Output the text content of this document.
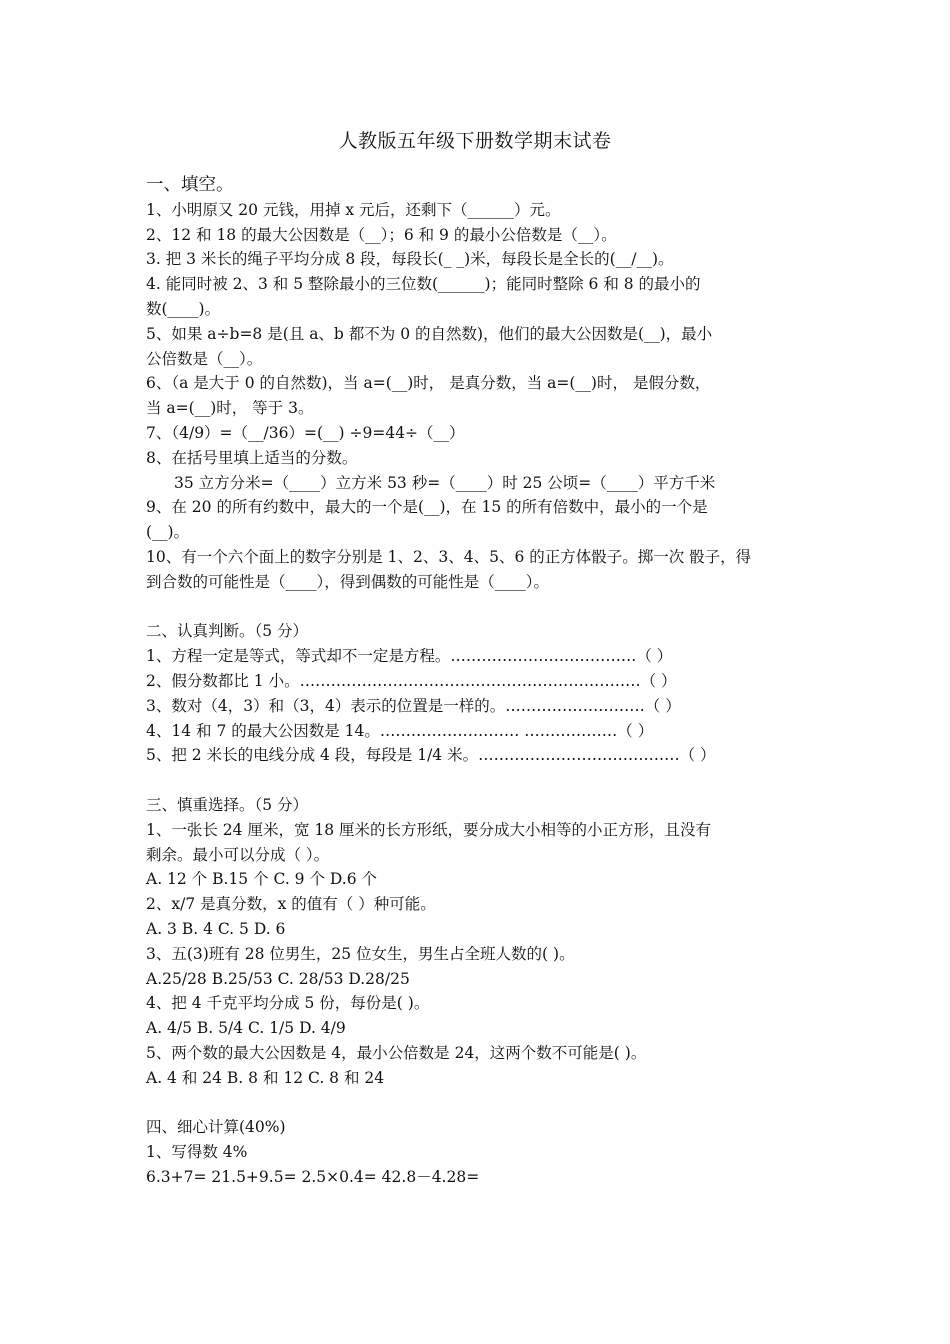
人教版五年级下册数学期末试卷
一、填空。
1、小明原又 20 元钱，用掉 x 元后，还剩下（______）元。
2、12 和 18 的最大公因数是（__）；6 和 9 的最小公倍数是（__）。
3. 把 3 米长的绳子平均分成 8 段，每段长(_ _)米，每段长是全长的(__/__)。
4. 能同时被 2、3 和 5 整除最小的三位数(______)；能同时整除 6 和 8 的最小的
数(____)。
5、如果 a÷b=8 是(且 a、b 都不为 0 的自然数)，他们的最大公因数是(__)，最小
公倍数是（__）。
6、（a 是大于 0 的自然数)，当 a=(__)时， 是真分数，当 a=(__)时， 是假分数，
当 a=(__)时， 等于 3。
7、（4/9）=（__/36）=(__) ÷9=44÷（__）
8、在括号里填上适当的分数。
35 立方分米=（____）立方米 53 秒=（____）时 25 公顷=（____）平方千米
9、在 20 的所有约数中，最大的一个是(__)，在 15 的所有倍数中，最小的一个是
(__)。
10、有一个六个面上的数字分别是 1、2、3、4、5、6 的正方体骰子。掷一次 骰子，得
到合数的可能性是（____），得到偶数的可能性是（____）。
二、认真判断。（5 分）
1、方程一定是等式，等式却不一定是方程。………………………………（ ）
2、假分数都比 1 小。…………………………………………………………（ ）
3、数对（4，3）和（3，4）表示的位置是一样的。………………………（ ）
4、14 和 7 的最大公因数是 14。……………………… ………………（ ）
5、把 2 米长的电线分成 4 段，每段是 1/4 米。…………………………………（ ）
三、慎重选择。（5 分）
1、一张长 24 厘米，宽 18 厘米的长方形纸，要分成大小相等的小正方形，且没有
剩余。最小可以分成（ ）。
A. 12 个 B.15 个 C. 9 个 D.6 个
2、x/7 是真分数，x 的值有（ ）种可能。
A. 3 B. 4 C. 5 D. 6
3、五(3)班有 28 位男生，25 位女生，男生占全班人数的( )。
A.25/28 B.25/53 C. 28/53 D.28/25
4、把 4 千克平均分成 5 份，每份是( )。
A. 4/5 B. 5/4 C. 1/5 D. 4/9
5、两个数的最大公因数是 4，最小公倍数是 24，这两个数不可能是( )。
A. 4 和 24 B. 8 和 12 C. 8 和 24
四、细心计算(40%)
1、写得数 4%
6.3+7= 21.5+9.5= 2.5×0.4= 42.8－4.28=
